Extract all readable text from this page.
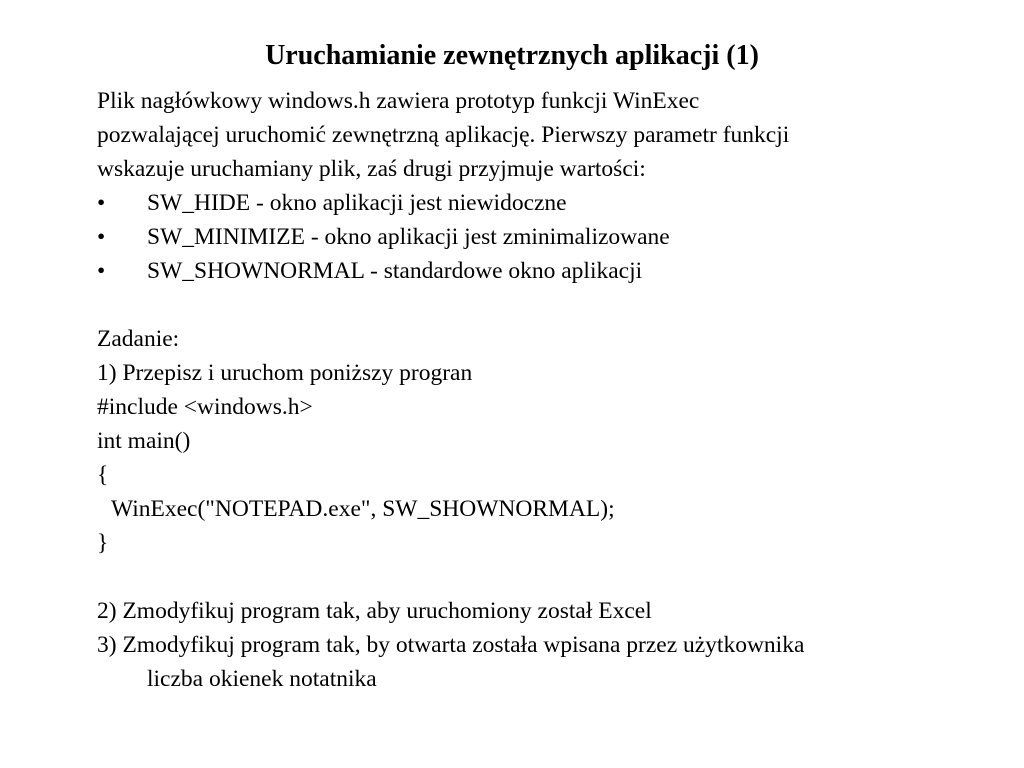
Uruchamianie zewnętrznych aplikacji (1)
Plik nagłówkowy windows.h zawiera prototyp funkcji WinExec
pozwalającej uruchomić zewnętrzną aplikację. Pierwszy parametr funkcji
wskazuje uruchamiany plik, zaś drugi przyjmuje wartości:
•	SW_HIDE - okno aplikacji jest niewidoczne
•	SW_MINIMIZE - okno aplikacji jest zminimalizowane
•	SW_SHOWNORMAL - standardowe okno aplikacji
Zadanie:
1) Przepisz i uruchom poniższy progran
#include <windows.h>
int main()
{
WinExec("NOTEPAD.exe", SW_SHOWNORMAL);
}
2) Zmodyfikuj program tak, aby uruchomiony został Excel
3) Zmodyfikuj program tak, by otwarta została wpisana przez użytkownika
liczba okienek notatnika
